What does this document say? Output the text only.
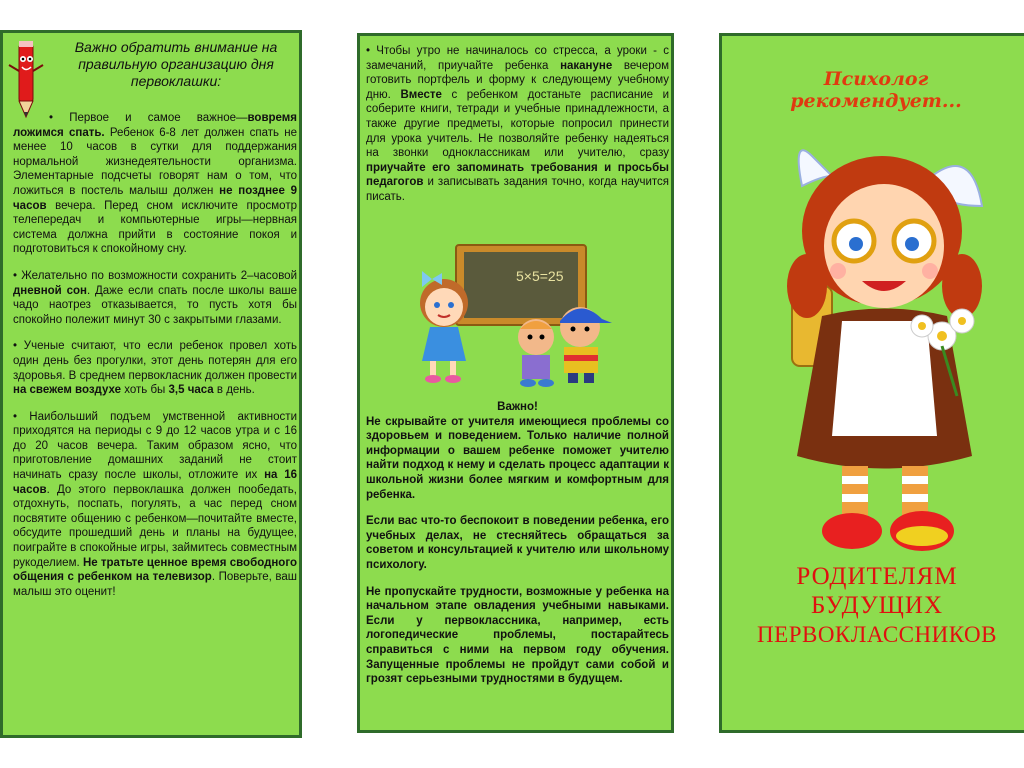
Важно обратить внимание на правильную организацию дня первоклашки:

• Первое и самое важное—вовремя ложимся спать. Ребенок 6-8 лет должен спать не менее 10 часов в сутки для поддержания нормальной жизнедеятельности организма. Элементарные подсчеты говорят нам о том, что ложиться в постель малыш должен не позднее 9 часов вечера. Перед сном исключите просмотр телепередач и компьютерные игры—нервная система должна прийти в состояние покоя и подготовиться к спокойному сну.

• Желательно по возможности сохранить 2–часовой дневной сон. Даже если спать после школы ваше чадо наотрез отказывается, то пусть хотя бы спокойно полежит минут 30 с закрытыми глазами.

• Ученые считают, что если ребенок провел хоть один день без прогулки, этот день потерян для его здоровья. В среднем первокласник должен провести на свежем воздухе хоть бы 3,5 часа в день.

• Наибольший подъем умственной активности приходятся на периоды с 9 до 12 часов утра и с 16 до 20 часов вечера. Таким образом ясно, что приготовление домашних заданий не стоит начинать сразу после школы, отложите их на 16 часов. До этого первоклашка должен пообедать, отдохнуть, поспать, погулять, а час перед сном посвятите общению с ребенком—почитайте вместе, обсудите прошедший день и планы на будущее, поиграйте в спокойные игры, займитесь совместным рукоделием. Не тратьте ценное время свободного общения с ребенком на телевизор. Поверьте, ваш малыш это оценит!

• Чтобы утро не начиналось со стресса, а уроки - с замечаний, приучайте ребенка накануне вечером готовить портфель и форму к следующему учебному дню. Вместе с ребенком достаньте расписание и соберите книги, тетради и учебные принадлежности, а также другие предметы, которые попросил принести для урока учитель. Не позволяйте ребенку надеяться на звонки одноклассникам или учителю, сразу приучайте его запоминать требования и просьбы педагогов и записывать задания точно, когда научится писать.

5×5=25

Важно!

Не скрывайте от учителя имеющиеся проблемы со здоровьем и поведением. Только наличие полной информации о вашем ребенке поможет учителю найти подход к нему и сделать процесс адаптации к школьной жизни более мягким и комфортным для ребенка.

Если вас что-то беспокоит в поведении ребенка, его учебных делах, не стесняйтесь обращаться за советом и консультацией к учителю или школьному психологу.

Не пропускайте трудности, возможные у ребенка на начальном этапе овладения учебными навыками. Если у первоклассника, например, есть логопедические проблемы, постарайтесь справиться с ними на первом году обучения. Запущенные проблемы не пройдут сами собой и грозят серьезными трудностями в будущем.

Психолог рекомендует...
РОДИТЕЛЯМ
БУДУЩИХ
ПЕРВОКЛАССНИКОВ
